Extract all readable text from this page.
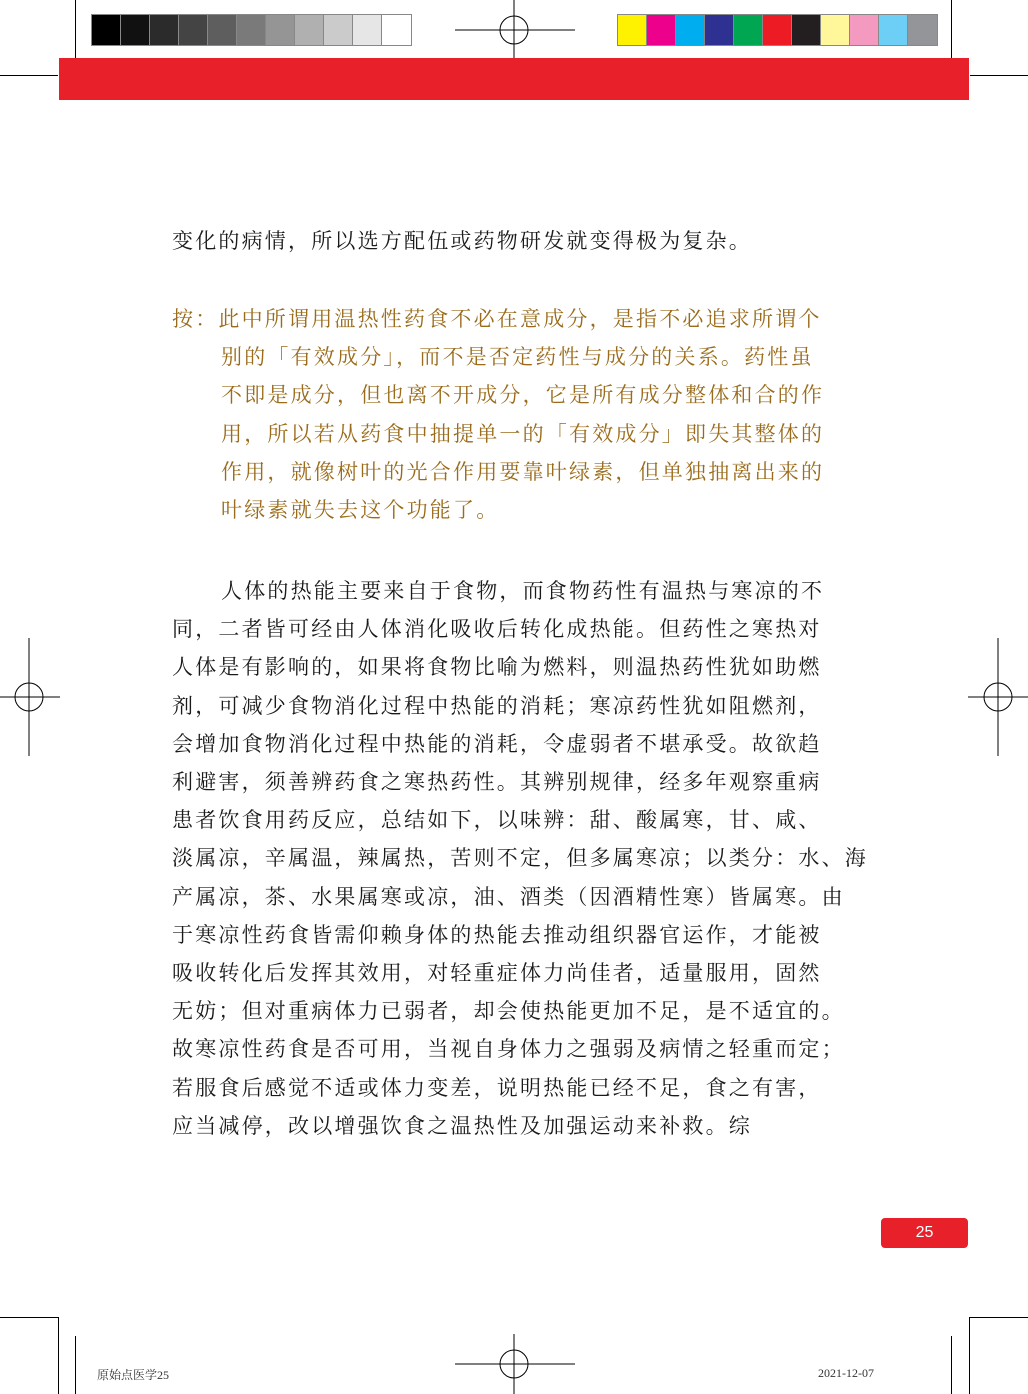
变化的病情，所以选方配伍或药物研发就变得极为复杂。
按：此中所谓用温热性药食不必在意成分，是指不必追求所谓个
别的「有效成分」，而不是否定药性与成分的关系。药性虽
不即是成分，但也离不开成分，它是所有成分整体和合的作
用，所以若从药食中抽提单一的「有效成分」即失其整体的
作用，就像树叶的光合作用要靠叶绿素，但单独抽离出来的
叶绿素就失去这个功能了。
人体的热能主要来自于食物，而食物药性有温热与寒凉的不
同，二者皆可经由人体消化吸收后转化成热能。但药性之寒热对
人体是有影响的，如果将食物比喻为燃料，则温热药性犹如助燃
剂，可减少食物消化过程中热能的消耗；寒凉药性犹如阻燃剂，
会增加食物消化过程中热能的消耗，令虚弱者不堪承受。故欲趋
利避害，须善辨药食之寒热药性。其辨别规律，经多年观察重病
患者饮食用药反应，总结如下，以味辨：甜、酸属寒，甘、咸、
淡属凉，辛属温，辣属热，苦则不定，但多属寒凉；以类分：水、海
产属凉，茶、水果属寒或凉，油、酒类（因酒精性寒）皆属寒。由
于寒凉性药食皆需仰赖身体的热能去推动组织器官运作，才能被
吸收转化后发挥其效用，对轻重症体力尚佳者，适量服用，固然
无妨；但对重病体力已弱者，却会使热能更加不足，是不适宜的。
故寒凉性药食是否可用，当视自身体力之强弱及病情之轻重而定；
若服食后感觉不适或体力变差，说明热能已经不足，食之有害，
应当减停，改以增强饮食之温热性及加强运动来补救。综
25
原始点医学25	2021-12-07
